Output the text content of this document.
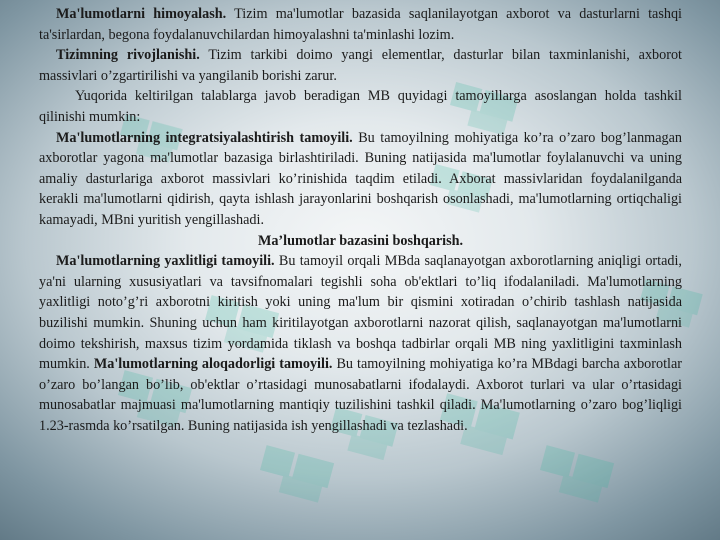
Ma'lumotlarni himoyalash. Tizim ma'lumotlar bazasida saqlanilayotgan axborot va dasturlarni tashqi ta'sirlardan, begona foydalanuvchilardan himoyalashni ta'minlashi lozim.

Tizimning rivojlanishi. Tizim tarkibi doimo yangi elementlar, dasturlar bilan taxminlanishi, axborot massivlari o’zgartirilishi va yangilanib borishi zarur.

Yuqorida keltirilgan talablarga javob beradigan MB quyidagi tamoyillarga asoslangan holda tashkil qilinishi mumkin:

Ma'lumotlarning integratsiyalashtirish tamoyili. Bu tamoyilning mohiyatiga ko’ra o’zaro bog’lanmagan axborotlar yagona ma'lumotlar bazasiga birlashtiriladi. Buning natijasida ma'lumotlar foylalanuvchi va uning amaliy dasturlariga axborot massivlari ko’rinishida taqdim etiladi. Axborat massivlaridan foydalanilganda kerakli ma'lumotlarni qidirish, qayta ishlash jarayonlarini boshqarish osonlashadi, ma'lumotlarning ortiqchaligi kamayadi, MBni yuritish yengillashadi.

Ma’lumotlar bazasini boshqarish.

Ma'lumotlarning yaxlitligi tamoyili. Bu tamoyil orqali MBda saqlanayotgan axborotlarning aniqligi ortadi, ya'ni ularning xususiyatlari va tavsifnomalari tegishli soha ob'ektlari to’liq ifodalaniladi. Ma'lumotlarning yaxlitligi noto’g’ri axborotni kiritish yoki uning ma'lum bir qismini xotiradan o’chirib tashlash natijasida buzilishi mumkin. Shuning uchun ham kiritilayotgan axborotlarni nazorat qilish, saqlanayotgan ma'lumotlarni doimo tekshirish, maxsus tizim yordamida tiklash va boshqa tadbirlar orqali MB ning yaxlitligini taxminlash mumkin. Ma'lumotlarning aloqadorligi tamoyili. Bu tamoyilning mohiyatiga ko’ra MBdagi barcha axborotlar o’zaro bo’langan bo’lib, ob'ektlar o’rtasidagi munosabatlarni ifodalaydi. Axborot turlari va ular o’rtasidagi munosabatlar majmuasi ma'lumotlarning mantiqiy tuzilishini tashkil qiladi. Ma'lumotlarning o’zaro bog’liqligi 1.23-rasmda ko’rsatilgan. Buning natijasida ish yengillashadi va tezlashadi.
